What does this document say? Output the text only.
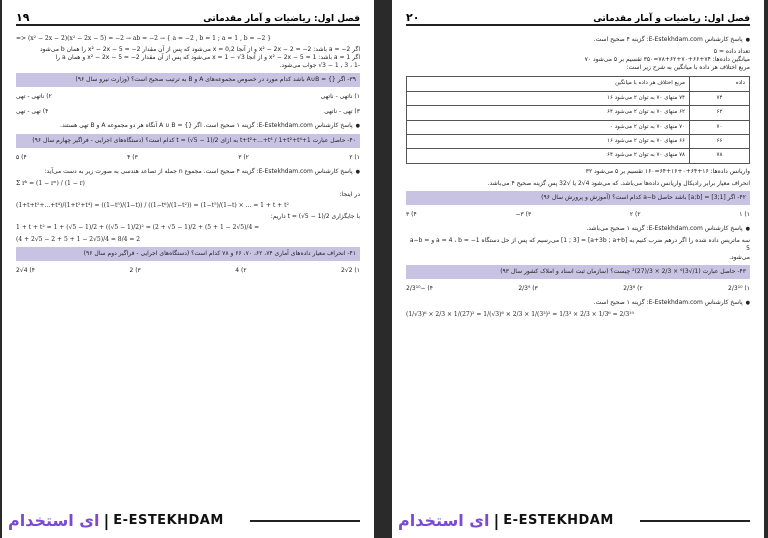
۱۹	فصل اول: ریاضیات و آمار مقدماتی
=> (x² − 2x − 2)(x² − 2x − 5) = −2 → ab = −2 → { a = −2 , b = 1 ; a = 1 , b = −2 }
اگر a = −2 باشد: x² − 2x − 2 = −2 و از آنجا x = 0,2 می‌شود که پس از آن مقدار x² − 2x − 5 = −2 را همان b می‌شود
اگر a = 1 باشد: x² − 2x − 5 = 1 و از آنجا x = 1 − √3 می‌شود که پس از آن مقدار x² − 2x − 5 = −2 و همان a را
-1 ، 3 , 1 − 3√ جواب می‌شود.
۳۹- اگر {} = A∪B باشد کدام مورد در خصوص مجموعه‌های A و B به ترتیب صحیح است؟ (وزارت نیرو سال ۹۶)
۱) ناتهی - ناتهی
۲) ناتهی - تهی
۳) تهی - ناتهی
۴) تهی - تهی
● پاسخ کارشناس E-Estekhdam.com: گزینه ۱ صحیح است. اگر {} = A ∪ B آنگاه هر دو مجموعه A و B تهی هستند.
۴۰- حاصل عبارت 1+t+t²+...+t⁴ / 1+t²+t⁴ به ازای t = (√5 − 1)/2 کدام است؟ (دستگاه‌های اجرایی - فراگیر چهارم سال ۹۶)
۱) ۲
۲) ۳
۳) ۴
۴) ۵
● پاسخ کارشناس E-Estekhdam.com: گزینه ۴ صحیح است. مجموع n جمله از تصاعد هندسی به صورت زیر به دست می‌آید:
Σ rᵏ = (1 − rⁿ) / (1 − r)
در اینجا:
(1+t+t²+...+t⁴)/(1+t²+t⁴) = ((1−t⁵)/(1−t)) / ((1−t⁶)/(1−t²)) = (1−t⁵)/(1−t) × ... = 1 + t + t²
با جایگزاری t = (√5 − 1)/2 داریم:
1 + t + t² = 1 + (√5 − 1)/2 + ((√5 − 1)/2)² = (2 + √5 − 1)/2 + (5 + 1 − 2√5)/4 =
(4 + 2√5 − 2 + 5 + 1 − 2√5)/4 = 8/4 = 2
۴۱- انحراف معیار داده‌های آماری ۷۴، ۶۲، ۷۰، ۶۶ و ۷۸ کدام است؟ (دستگاه‌های اجرایی - فراگیر دوم سال ۹۶)
۱) 2√2
۲) 4
۳) 2
۴) 4√2
ای استخدام | E-ESTEKHDAM
۲۰	فصل اول: ریاضیات و آمار مقدماتی
● پاسخ کارشناس E-Estekhdam.com: گزینه ۴ صحیح است.
تعداد داده = ۵
میانگین داده‌ها: ۷۴+۶۶+۷۰+۶۲+۷۸=۳۵۰ تقسیم بر ۵ می‌شود ۷۰
مربع اختلاف هر داده با میانگین به شرح زیر است:
داده	مربع اختلاف هر داده با میانگین
۷۴	۷۴ منهای ۷۰ به توان ۲ می‌شود ۱۶
۶۲	۶۲ منهای ۷۰ به توان ۲ می‌شود ۶۴
۷۰	۷۰ منهای ۷۰ به توان ۲ می‌شود ۰
۶۶	۶۶ منهای ۷۰ به توان ۲ می‌شود ۱۶
۷۸	۷۸ منهای ۷۰ به توان ۲ می‌شود ۶۴
واریانس داده‌ها: ۱۶+۶۴+۰+۱۶+۶۴=۱۶۰ تقسیم بر ۵ می‌شود ۳۲
انحراف معیار برابر رادیکال واریانس داده‌ها می‌باشد. که می‌شود 4√2 یا √32 پس گزینه صحیح ۴ می‌باشد.
۴۲- اگر [1;3] = [a;b] باشد حاصل a−b کدام است؟ (آموزش و پرورش سال ۹۶)
۱) ۱
۲) ۲
۳) ۳−
۴) ۳
● پاسخ کارشناس E-Estekhdam.com: گزینه ۱ صحیح می‌باشد.
سه ماتریس داده شده را اگر درهم ضرب کنیم به [a+3b ; a+b] = [1 ; 3] می‌رسیم که پس از حل دستگاه a = 4 ، b = −1 و a−b = 5
می‌شود.
۴۳- حاصل عبارت (1/√3)⁶ × 2/3 × 3/(27)² چیست؟ (سازمان ثبت اسناد و املاک کشور سال ۹۳)
۱) 2/3¹⁰
۲) 2/3⁸
۳) 2/3⁹
۴) −2/3¹⁰
● پاسخ کارشناس E-Estekhdam.com: گزینه ۱ صحیح است.
(1/√3)⁶ × 2/3 × 1/(27)² = 1/(√3)⁶ × 2/3 × 1/(3³)² = 1/3³ × 2/3 × 1/3⁶ = 2/3¹⁰
ای استخدام | E-ESTEKHDAM
